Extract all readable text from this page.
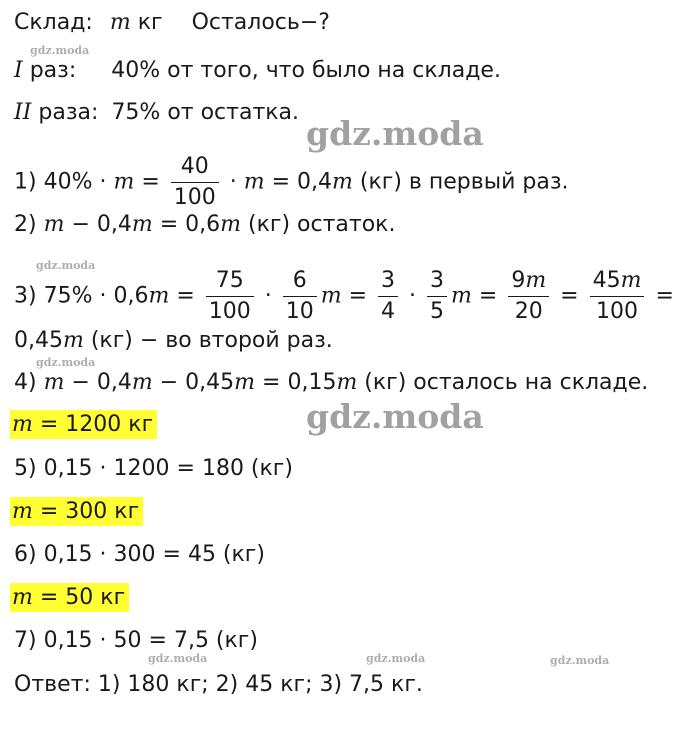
gdz.moda
gdz.moda
gdz.moda
gdz.moda
gdz.moda
gdz.moda	gdz.moda	gdz.moda
Склад: m кг Осталось−?
I раз: 40% от того, что было на складе.
II раза: 75% от остатка.
1) $40\% \cdot m = \frac{40}{100} \cdot m = 0,4m$ (кг) в первый раз.
2) m − 0,4m = 0,6m (кг) остаток.
3) $75\% \cdot 0,6m = \frac{75}{100} \cdot \frac{6}{10}$ $m = \frac{3}{4} \cdot \frac{3}{5}$ $m = \frac{9m}{20} = \frac{45m}{100}$ =
0,45m (кг) − во второй раз.
4) m − 0,4m − 0,45m = 0,15m (кг) осталось на складе.
m = 1200 кг
5) 0,15 · 1200 = 180 (кг)
m = 300 кг
6) 0,15 · 300 = 45 (кг)
m = 50 кг
7) 0,15 · 50 = 7,5 (кг)
Ответ: 1) 180 кг; 2) 45 кг; 3) 7,5 кг.
